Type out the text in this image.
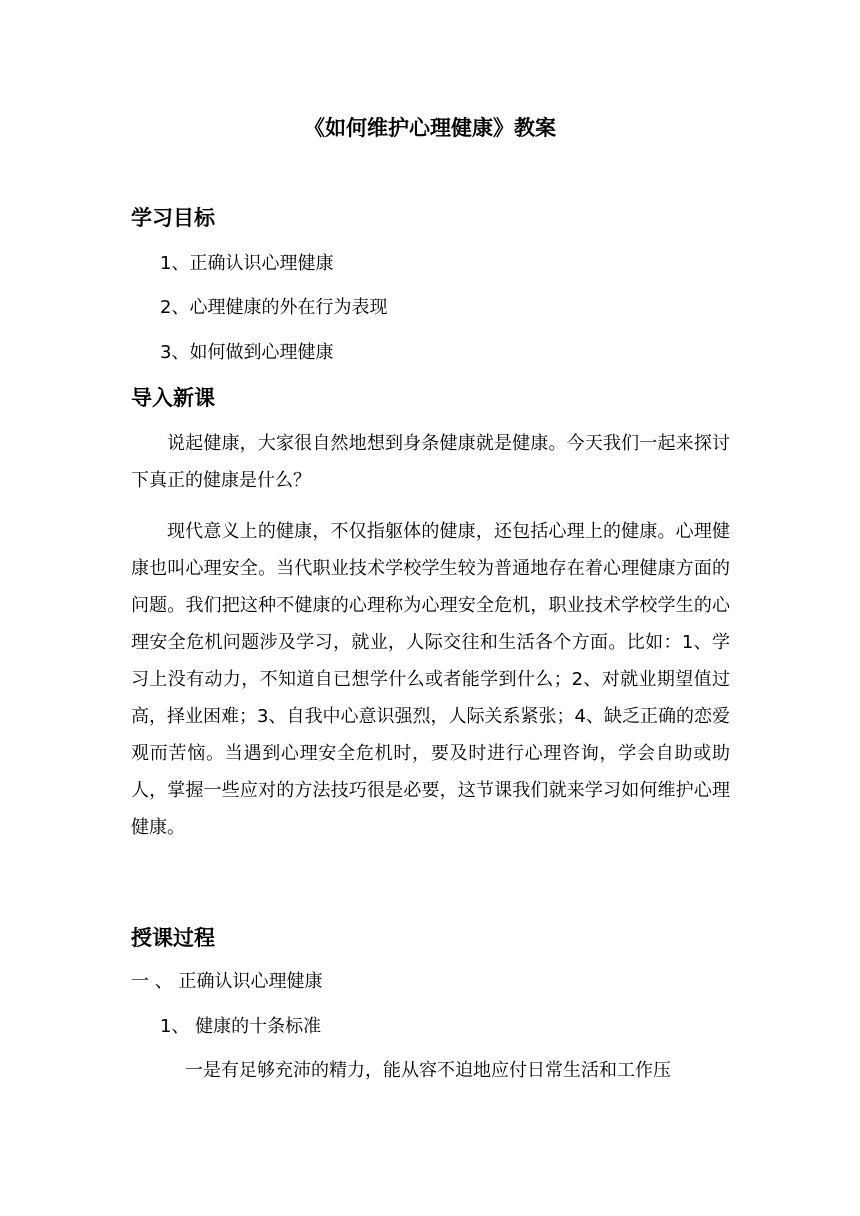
《如何维护心理健康》教案
学习目标
1、正确认识心理健康
2、心理健康的外在行为表现
3、如何做到心理健康
导入新课

说起健康，大家很自然地想到身条健康就是健康。今天我们一起来探讨下真正的健康是什么？

现代意义上的健康，不仅指躯体的健康，还包括心理上的健康。心理健康也叫心理安全。当代职业技术学校学生较为普通地存在着心理健康方面的问题。我们把这种不健康的心理称为心理安全危机，职业技术学校学生的心理安全危机问题涉及学习，就业，人际交往和生活各个方面。比如：1、学习上没有动力，不知道自已想学什么或者能学到什么；2、对就业期望值过高，择业困难；3、自我中心意识强烈，人际关系紧张；4、缺乏正确的恋爱观而苦恼。当遇到心理安全危机时，要及时进行心理咨询，学会自助或助人，掌握一些应对的方法技巧很是必要，这节课我们就来学习如何维护心理健康。

授课过程
一 、 正确认识心理健康
1、 健康的十条标准
一是有足够充沛的精力，能从容不迫地应付日常生活和工作压
